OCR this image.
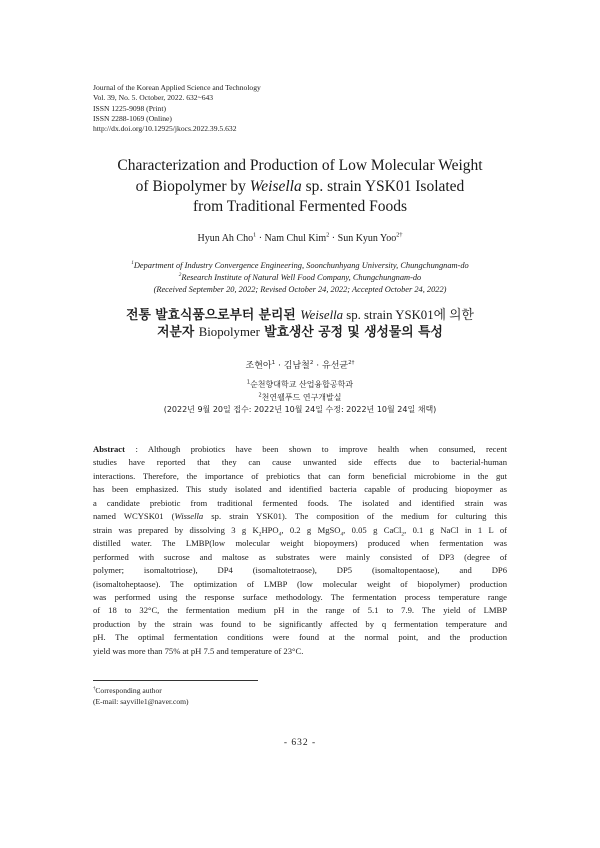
Journal of the Korean Applied Science and Technology
Vol. 39, No. 5. October, 2022. 632~643
ISSN 1225-9098 (Print)
ISSN 2288-1069 (Online)
http://dx.doi.org/10.12925/jkocs.2022.39.5.632
Characterization and Production of Low Molecular Weight
of Biopolymer by Weisella sp. strain YSK01 Isolated
from Traditional Fermented Foods
Hyun Ah Cho$^1$ · Nam Chul Kim$^2$ · Sun Kyun Yoo$^{2\dagger}$
$^1$Department of Industry Convergence Engineering, Soonchunhyang University, Chungchungnam-do
$^2$Research Institute of Natural Well Food Company, Chungchungnam-do
(Received September 20, 2022; Revised October 24, 2022; Accepted October 24, 2022)
전통 발효식품으로부터 분리된 Weisella sp. strain YSK01에 의한
저분자 Biopolymer 발효생산 공정 및 생성물의 특성
조현아$^1$ · 김남철$^2$ · 유선균$^{2\dagger}$
$^1$순천향대학교 산업융합공학과
$^2$천연웰푸드 연구개발실
(2022년 9월 20일 접수: 2022년 10월 24일 수정: 2022년 10월 24일 채택)
Abstract : Although probiotics have been shown to improve health when consumed, recent
studies have reported that they can cause unwanted side effects due to bacterial-human
interactions. Therefore, the importance of prebiotics that can form beneficial microbiome in the gut
has been emphasized. This study isolated and identified bacteria capable of producing biopoymer as
a candidate prebiotic from traditional fermented foods. The isolated and identified strain was
named WCYSK01 (Wissella sp. strain YSK01). The composition of the medium for culturing this
strain was prepared by dissolving 3 g $K_2HPO_4$, 0.2 g MgSO$_4$, 0.05 g CaCl$_2$, 0.1 g NaCl in 1 L of
distilled water. The LMBP(low molecular weight biopoymers) produced when fermentation was
performed with sucrose and maltose as substrates were mainly consisted of DP3 (degree of
polymer; isomaltotriose), DP4 (isomaltotetraose), DP5 (isomaltopentaose), and DP6
(isomaltoheptaose). The optimization of LMBP (low molecular weight of biopolymer) production
was performed using the response surface methodology. The fermentation process temperature range
of 18 to 32°C, the fermentation medium pH in the range of 5.1 to 7.9. The yield of LMBP
production by the strain was found to be significantly affected by q fermentation temperature and
pH. The optimal fermentation conditions were found at the normal point, and the production
yield was more than 75% at pH 7.5 and temperature of 23°C.
†Corresponding author
(E-mail: sayville1@naver.com)
- 632 -
